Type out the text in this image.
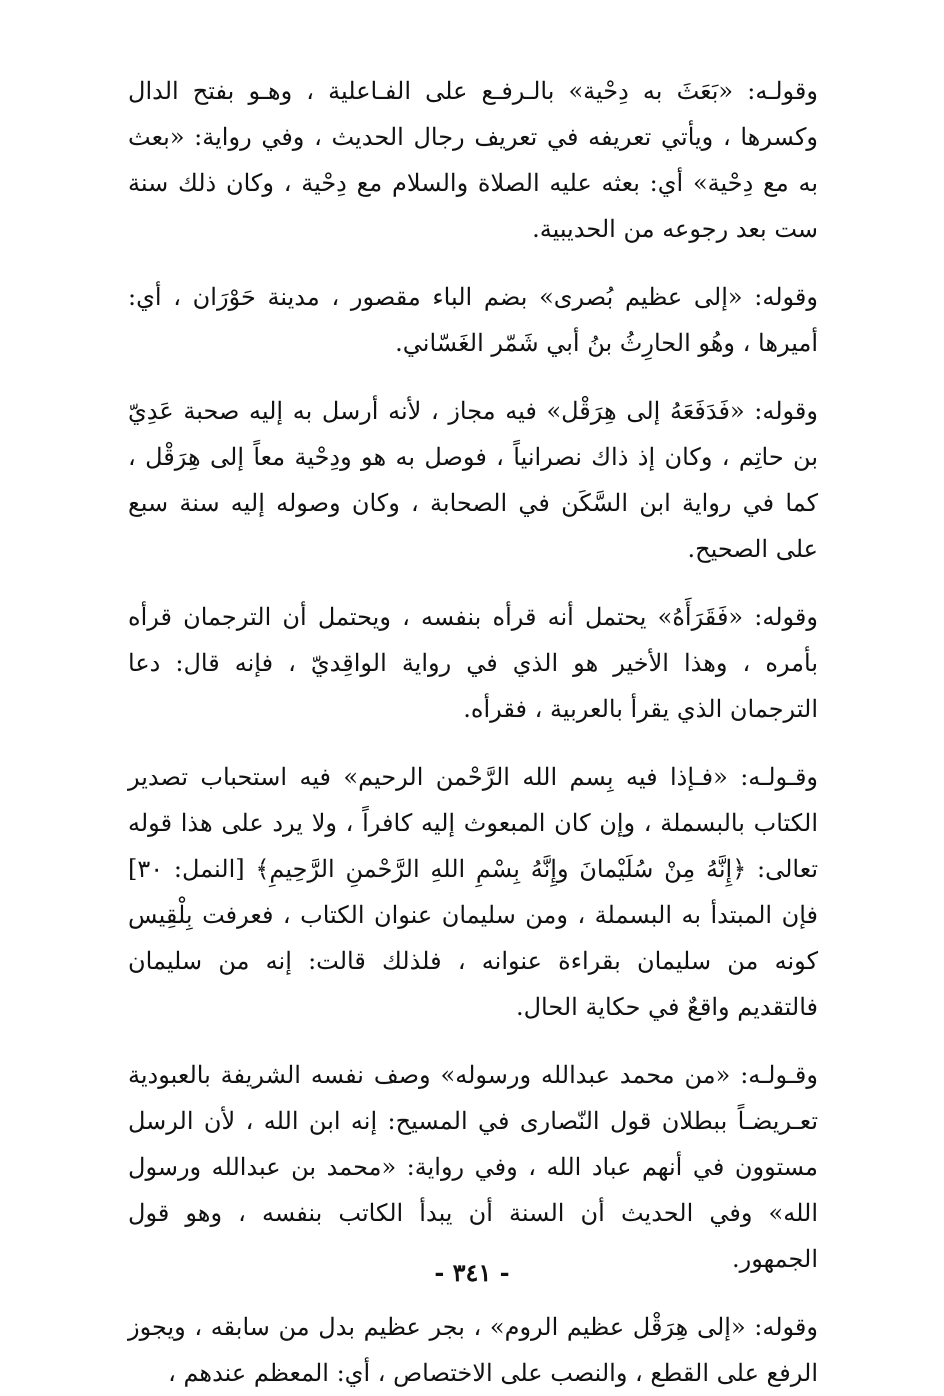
وقولـه: «بَعَثَ به دِحْية» بالـرفـع على الفـاعلية ، وهـو بفتح الدال وكسرها ، ويأتي تعريفه في تعريف رجال الحديث ، وفي رواية: «بعث به مع دِحْية» أي: بعثه عليه الصلاة والسلام مع دِحْية ، وكان ذلك سنة ست بعد رجوعه من الحديبية.

وقوله: «إلى عظيم بُصرى» بضم الباء مقصور ، مدينة حَوْرَان ، أي: أميرها ، وهُو الحارِثُ بنُ أبي شَمّر الغَسّاني.

وقوله: «فَدَفَعَهُ إلى هِرَقْل» فيه مجاز ، لأنه أرسل به إليه صحبة عَدِيّ بن حاتِم ، وكان إذ ذاك نصرانياً ، فوصل به هو ودِحْية معاً إلى هِرَقْل ، كما في رواية ابن السَّكَن في الصحابة ، وكان وصوله إليه سنة سبع على الصحيح.

وقوله: «فَقَرَأَهُ» يحتمل أنه قرأه بنفسه ، ويحتمل أن الترجمان قرأه بأمره ، وهذا الأخير هو الذي في رواية الواقِديّ ، فإنه قال: دعا الترجمان الذي يقرأ بالعربية ، فقرأه.

وقـولـه: «فـإذا فيه بِسم الله الرَّحْمن الرحيم» فيه استحباب تصدير الكتاب بالبسملة ، وإن كان المبعوث إليه كافراً ، ولا يرد على هذا قوله تعالى: ﴿إِنَّهُ مِنْ سُلَيْمانَ وإِنَّهُ بِسْمِ اللهِ الرَّحْمنِ الرَّحِيمِ﴾ [النمل: ٣٠] فإن المبتدأ به البسملة ، ومن سليمان عنوان الكتاب ، فعرفت بِلْقِيس كونه من سليمان بقراءة عنوانه ، فلذلك قالت: إنه من سليمان فالتقديم واقعٌ في حكاية الحال.

وقـولـه: «من محمد عبدالله ورسوله» وصف نفسه الشريفة بالعبودية تعـريضـاً ببطلان قول النّصارى في المسيح: إنه ابن الله ، لأن الرسل مستوون في أنهم عباد الله ، وفي رواية: «محمد بن عبدالله ورسول الله» وفي الحديث أن السنة أن يبدأ الكاتب بنفسه ، وهو قول الجمهور.

وقوله: «إلى هِرَقْل عظيم الروم» ، بجر عظيم بدل من سابقه ، ويجوز الرفع على القطع ، والنصب على الاختصاص ، أي: المعظم عندهم ،

- ٣٤١ -
